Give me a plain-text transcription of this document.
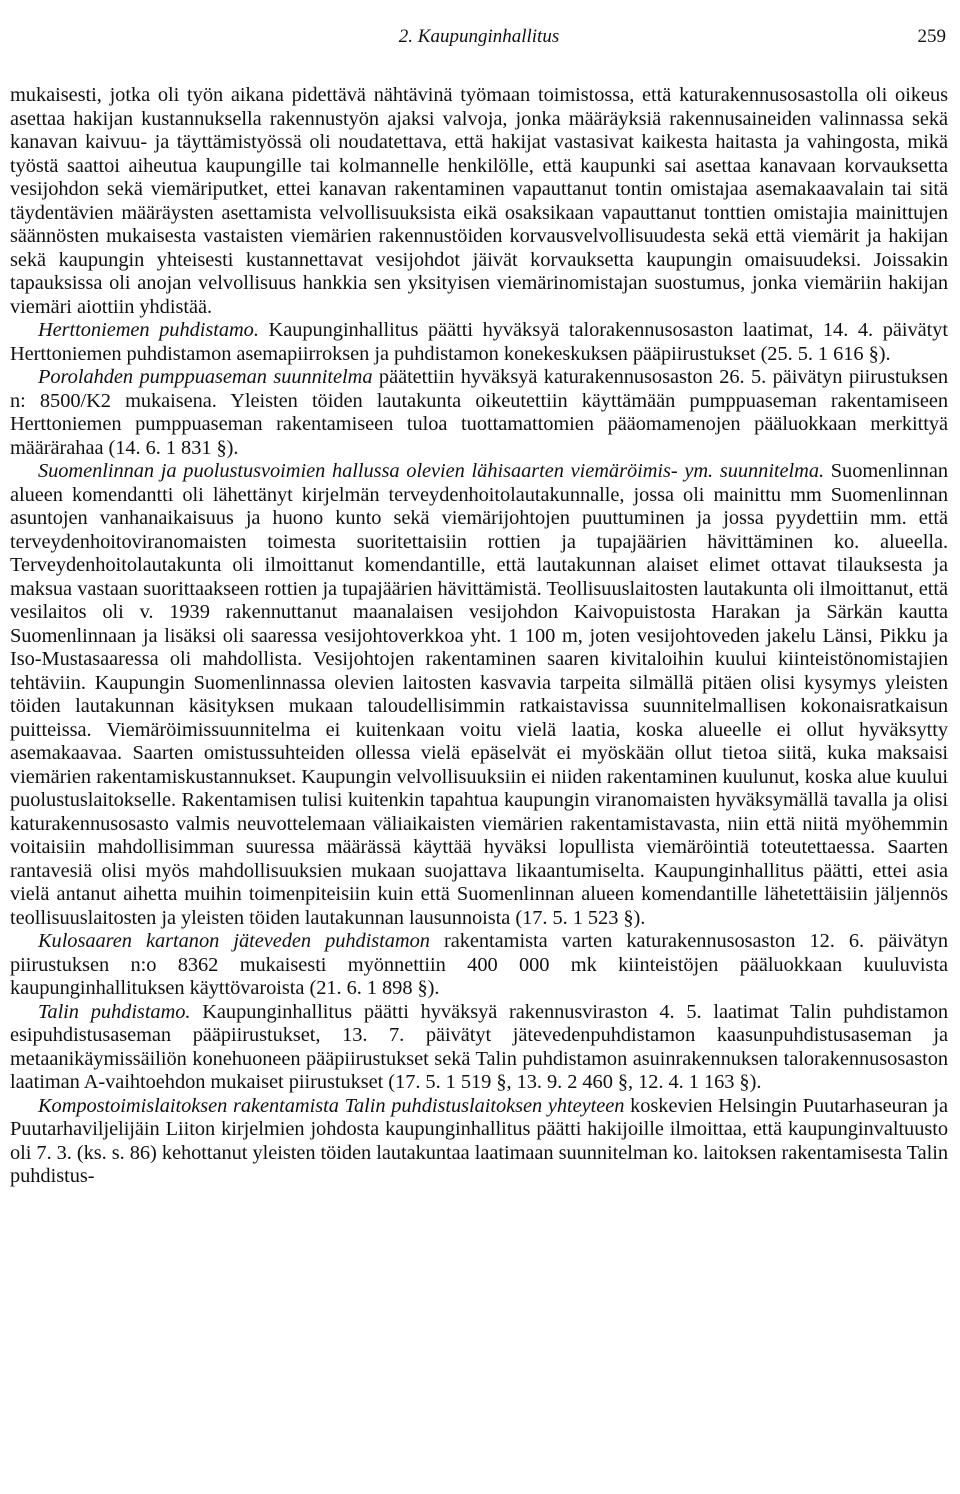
2. Kaupunginhallitus	259

mukaisesti, jotka oli työn aikana pidettävä nähtävinä työmaan toimistossa, että katurakennusosastolla oli oikeus asettaa hakijan kustannuksella rakennustyön ajaksi valvoja, jonka määräyksiä rakennusaineiden valinnassa sekä kanavan kaivuu- ja täyttämistyössä oli noudatettava, että hakijat vastasivat kaikesta haitasta ja vahingosta, mikä työstä saattoi aiheutua kaupungille tai kolmannelle henkilölle, että kaupunki sai asettaa kanavaan korvauksetta vesijohdon sekä viemäriputket, ettei kanavan rakentaminen vapauttanut tontin omistajaa asemakaavalain tai sitä täydentävien määräysten asettamista velvollisuuksista eikä osaksikaan vapauttanut tonttien omistajia mainittujen säännösten mukaisesta vastaisten viemärien rakennustöiden korvausvelvollisuudesta sekä että viemärit ja hakijan sekä kaupungin yhteisesti kustannettavat vesijohdot jäivät korvauksetta kaupungin omaisuudeksi. Joissakin tapauksissa oli anojan velvollisuus hankkia sen yksityisen viemärinomistajan suostumus, jonka viemäriin hakijan viemäri aiottiin yhdistää.

Herttoniemen puhdistamo. Kaupunginhallitus päätti hyväksyä talorakennusosaston laatimat, 14. 4. päivätyt Herttoniemen puhdistamon asemapiirroksen ja puhdistamon konekeskuksen pääpiirustukset (25. 5. 1 616 §).

Porolahden pumppuaseman suunnitelma päätettiin hyväksyä katurakennusosaston 26. 5. päivätyn piirustuksen n: 8500/K2 mukaisena. Yleisten töiden lautakunta oikeutettiin käyttämään pumppuaseman rakentamiseen Herttoniemen pumppuaseman rakentamiseen tuloa tuottamattomien pääomamenojen pääluokkaan merkittyä määrärahaa (14. 6. 1 831 §).

Suomenlinnan ja puolustusvoimien hallussa olevien lähisaarten viemäröimis- ym. suunnitelma. Suomenlinnan alueen komendantti oli lähettänyt kirjelmän terveydenhoitolautakunnalle, jossa oli mainittu mm Suomenlinnan asuntojen vanhanaikaisuus ja huono kunto sekä viemärijohtojen puuttuminen ja jossa pyydettiin mm. että terveydenhoitoviranomaisten toimesta suoritettaisiin rottien ja tupajäärien hävittäminen ko. alueella. Terveydenhoitolautakunta oli ilmoittanut komendantille, että lautakunnan alaiset elimet ottavat tilauksesta ja maksua vastaan suorittaakseen rottien ja tupajäärien hävittämistä. Teollisuuslaitosten lautakunta oli ilmoittanut, että vesilaitos oli v. 1939 rakennuttanut maanalaisen vesijohdon Kaivopuistosta Harakan ja Särkän kautta Suomenlinnaan ja lisäksi oli saaressa vesijohtoverkkoa yht. 1 100 m, joten vesijohtoveden jakelu Länsi, Pikku ja Iso-Mustasaaressa oli mahdollista. Vesijohtojen rakentaminen saaren kivitaloihin kuului kiinteistönomistajien tehtäviin. Kaupungin Suomenlinnassa olevien laitosten kasvavia tarpeita silmällä pitäen olisi kysymys yleisten töiden lautakunnan käsityksen mukaan taloudellisimmin ratkaistavissa suunnitelmallisen kokonaisratkaisun puitteissa. Viemäröimissuunnitelma ei kuitenkaan voitu vielä laatia, koska alueelle ei ollut hyväksytty asemakaavaa. Saarten omistussuhteiden ollessa vielä epäselvät ei myöskään ollut tietoa siitä, kuka maksaisi viemärien rakentamiskustannukset. Kaupungin velvollisuuksiin ei niiden rakentaminen kuulunut, koska alue kuului puolustuslaitokselle. Rakentamisen tulisi kuitenkin tapahtua kaupungin viranomaisten hyväksymällä tavalla ja olisi katurakennusosasto valmis neuvottelemaan väliaikaisten viemärien rakentamistavasta, niin että niitä myöhemmin voitaisiin mahdollisimman suuressa määrässä käyttää hyväksi lopullista viemäröintiä toteutettaessa. Saarten rantavesiä olisi myös mahdollisuuksien mukaan suojattava likaantumiselta. Kaupunginhallitus päätti, ettei asia vielä antanut aihetta muihin toimenpiteisiin kuin että Suomenlinnan alueen komendantille lähetettäisiin jäljennös teollisuuslaitosten ja yleisten töiden lautakunnan lausunnoista (17. 5. 1 523 §).

Kulosaaren kartanon jäteveden puhdistamon rakentamista varten katurakennusosaston 12. 6. päivätyn piirustuksen n:o 8362 mukaisesti myönnettiin 400 000 mk kiinteistöjen pääluokkaan kuuluvista kaupunginhallituksen käyttövaroista (21. 6. 1 898 §).

Talin puhdistamo. Kaupunginhallitus päätti hyväksyä rakennusviraston 4. 5. laatimat Talin puhdistamon esipuhdistusaseman pääpiirustukset, 13. 7. päivätyt jätevedenpuhdistamon kaasunpuhdistusaseman ja metaanikäymissäiliön konehuoneen pääpiirustukset sekä Talin puhdistamon asuinrakennuksen talorakennusosaston laatiman A-vaihtoehdon mukaiset piirustukset (17. 5. 1 519 §, 13. 9. 2 460 §, 12. 4. 1 163 §).

Kompostoimislaitoksen rakentamista Talin puhdistuslaitoksen yhteyteen koskevien Helsingin Puutarhaseuran ja Puutarhaviljelijäin Liiton kirjelmien johdosta kaupunginhallitus päätti hakijoille ilmoittaa, että kaupunginvaltuusto oli 7. 3. (ks. s. 86) kehottanut yleisten töiden lautakuntaa laatimaan suunnitelman ko. laitoksen rakentamisesta Talin puhdistus-
